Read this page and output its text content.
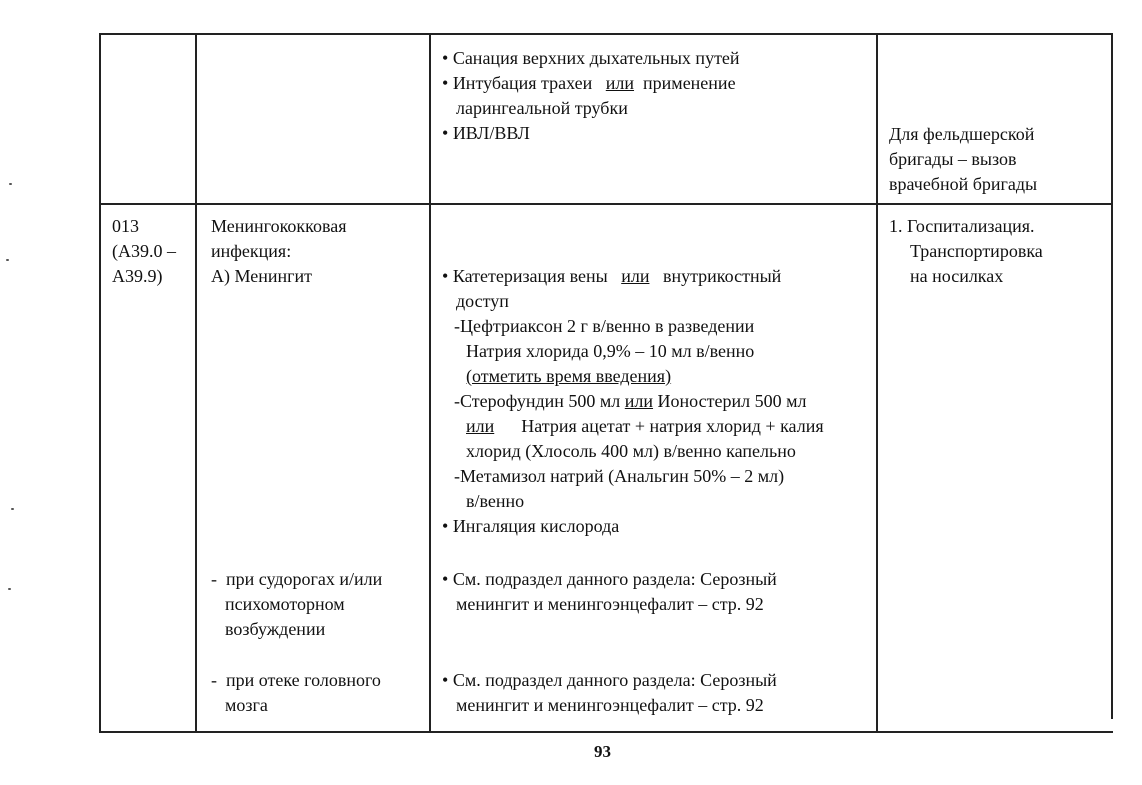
• Санация верхних дыхательных путей
• Интубация трахеи или применение
ларингеальной трубки
• ИВЛ/ВВЛ	Для фельдшерской
бригады – вызов
врачебной бригады
013
(A39.0 –
A39.9)
Менингококковая
инфекция:
А) Менингит
- при судорогах и/или
психомоторном
возбуждении
- при отеке головного
мозга
• Катетеризация вены или внутрикостный
доступ
-Цефтриаксон 2 г в/венно в разведении
Натрия хлорида 0,9% – 10 мл в/венно
(отметить время введения)
-Стерофундин 500 мл или Ионостерил 500 мл
или Натрия ацетат + натрия хлорид + калия
хлорид (Хлосоль 400 мл) в/венно капельно
-Метамизол натрий (Анальгин 50% – 2 мл)
в/венно
• Ингаляция кислорода
• См. подраздел данного раздела: Серозный
менингит и менингоэнцефалит – стр. 92
• См. подраздел данного раздела: Серозный
менингит и менингоэнцефалит – стр. 92
1. Госпитализация.
Транспортировка
на носилках
93
